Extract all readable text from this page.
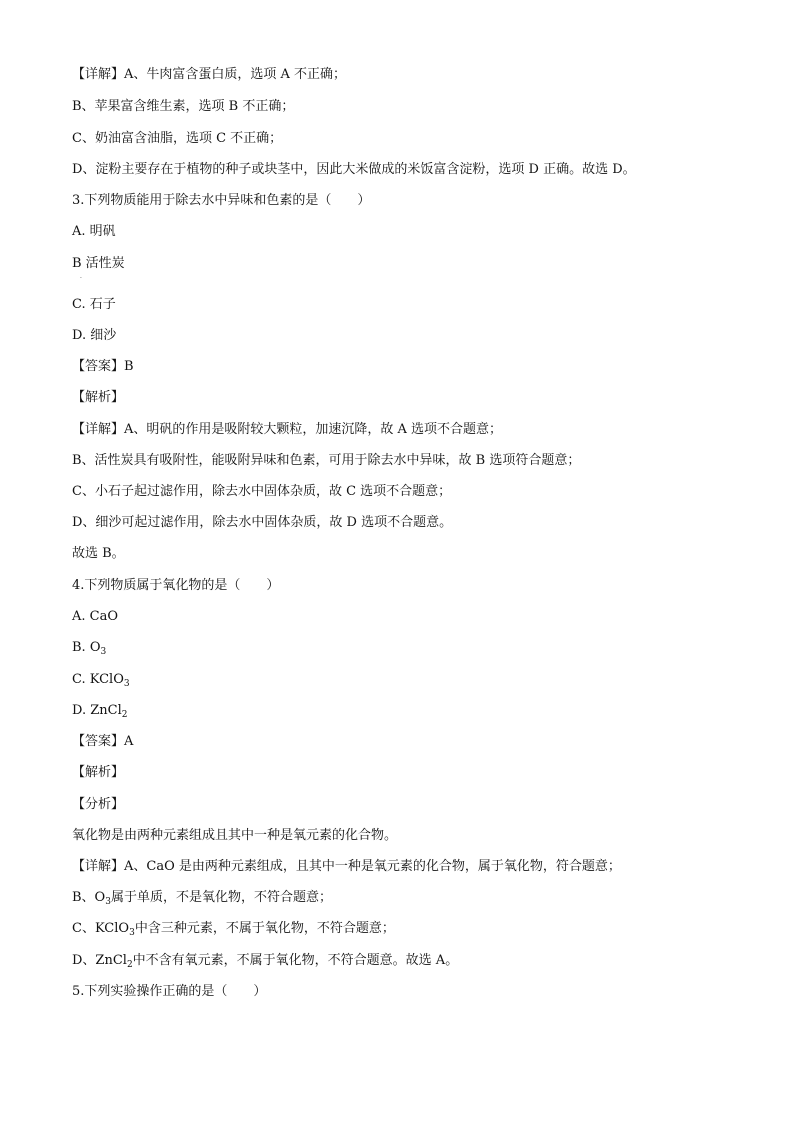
【详解】A、牛肉富含蛋白质，选项 A 不正确；
B、苹果富含维生素，选项 B 不正确；
C、奶油富含油脂，选项 C 不正确；
D、淀粉主要存在于植物的种子或块茎中，因此大米做成的米饭富含淀粉，选项 D 正确。故选 D。
3.下列物质能用于除去水中异味和色素的是（　　）
A. 明矾
B 活性炭
·
C. 石子
D. 细沙
【答案】B
【解析】
【详解】A、明矾的作用是吸附较大颗粒，加速沉降，故 A 选项不合题意；
B、活性炭具有吸附性，能吸附异味和色素，可用于除去水中异味，故 B 选项符合题意；
C、小石子起过滤作用，除去水中固体杂质，故 C 选项不合题意；
D、细沙可起过滤作用，除去水中固体杂质，故 D 选项不合题意。
故选 B。
4.下列物质属于氧化物的是（　　）
A. CaO
B. $O_3$
C. KClO$_3$
D. ZnCl$_2$
【答案】A
【解析】
【分析】
氧化物是由两种元素组成且其中一种是氧元素的化合物。
【详解】A、CaO 是由两种元素组成，且其中一种是氧元素的化合物，属于氧化物，符合题意；
B、$O_3$属于单质，不是氧化物，不符合题意；
C、KClO$_3$中含三种元素，不属于氧化物，不符合题意；
D、ZnCl$_2$中不含有氧元素，不属于氧化物，不符合题意。故选 A。
5.下列实验操作正确的是（　　）
